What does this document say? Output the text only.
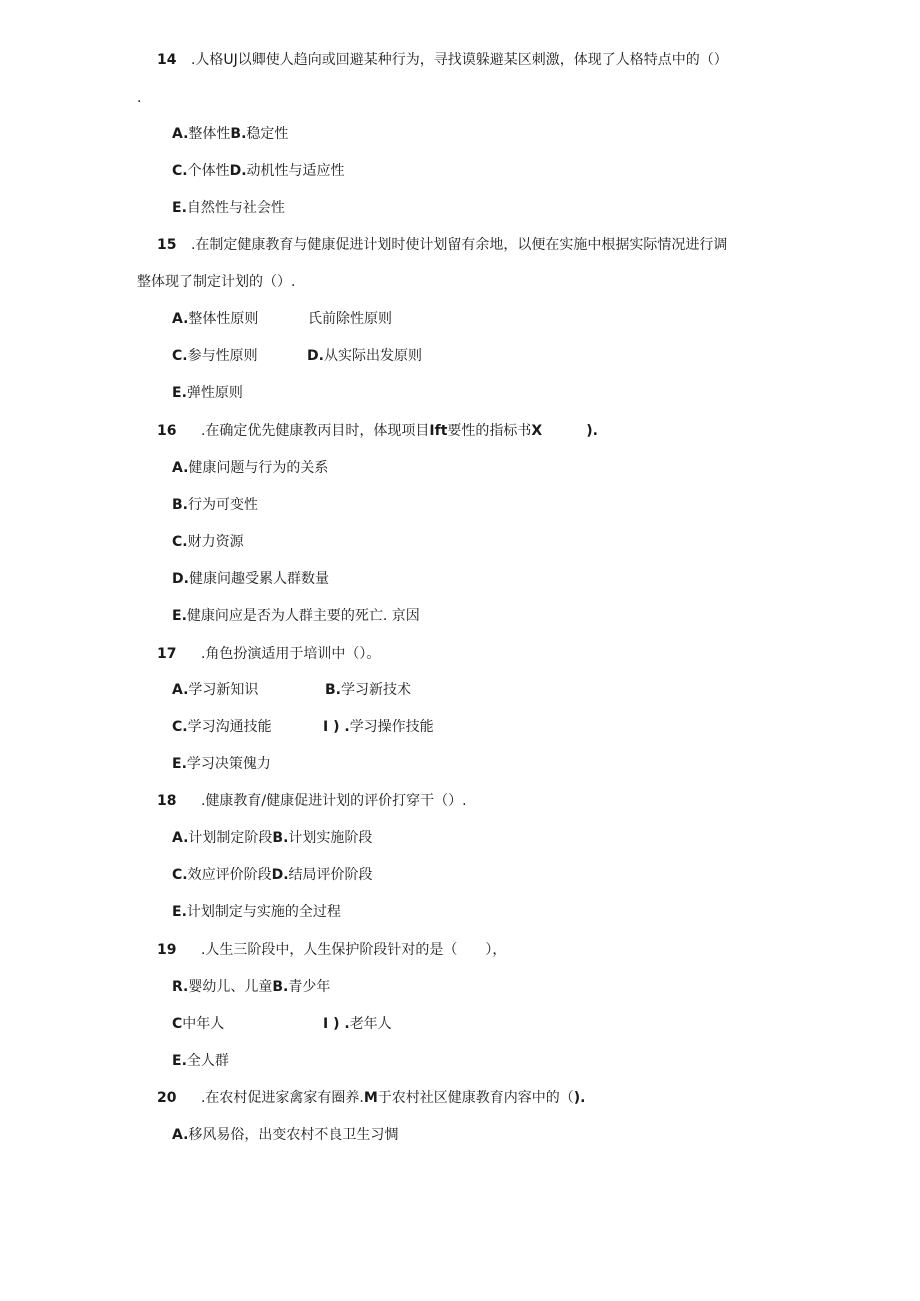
14 .人格UJ以卿使人趋向或回避某种行为，寻找谟躲避某区刺激，体现了人格特点中的（）
.
A.整体性B.稳定性
C.个体性D.动机性与适应性
E.自然性与社会性
15 .在制定健康教育与健康促进计划时使计划留有余地，以便在实施中根据实际情况进行调
整体现了制定计划的（）.
A.整体性原则	氏前除性原则
C.参与性原则	D.从实际出发原则
E.弹性原则
16 .在确定优先健康教丙目时，体现项目Ift要性的指标书X	).
A.健康问题与行为的关系
B.行为可变性
C.财力资源
D.健康问趣受累人群数量
E.健康问应是否为人群主要的死亡. 京因
17 .角色扮演适用于培训中（）。
A.学习新知识	B.学习新技术
C.学习沟通技能	I ) .学习操作技能
E.学习决策傀力
18 .健康教育/健康促进计划的评价打穿干（）.
A.计划制定阶段B.计划实施阶段
C.效应评价阶段D.结局评价阶段
E.计划制定与实施的全过程
19 .人生三阶段中，人生保护阶段针对的是（　　），
R.婴幼儿、儿童B.青少年
C中年人	I ) .老年人
E.全人群
20 .在农村促进家禽家有圈养.M于农村社区健康教育内容中的（).
A.移风易俗，出变农村不良卫生习惆
